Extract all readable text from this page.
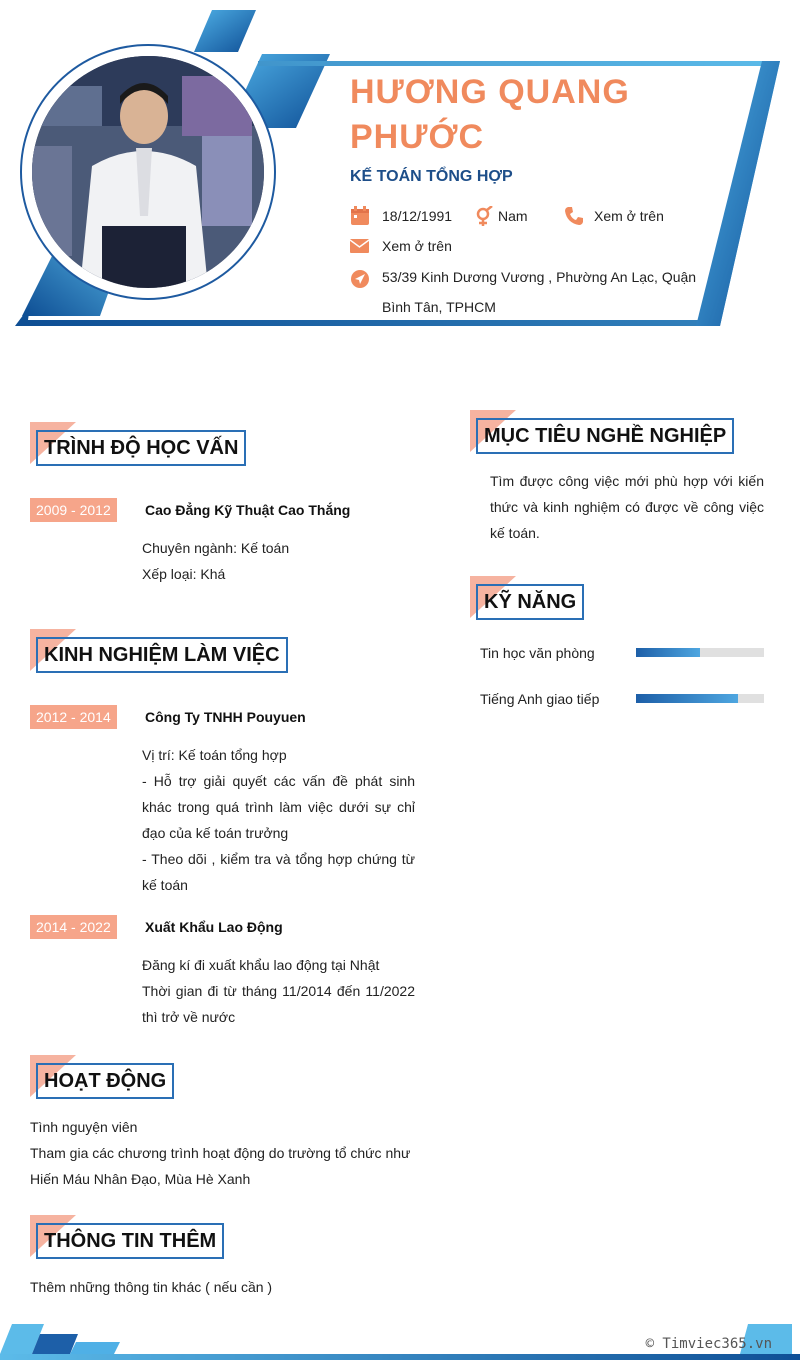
HƯƠNG QUANG PHƯỚC
KẾ TOÁN TỔNG HỢP
18/12/1991	Nam	Xem ở trên
Xem ở trên
53/39 Kinh Dương Vương , Phường An Lạc, Quận Bình Tân, TPHCM
TRÌNH ĐỘ HỌC VẤN
2009 - 2012	Cao Đẳng Kỹ Thuật Cao Thắng
Chuyên ngành: Kế toán
Xếp loại: Khá
KINH NGHIỆM LÀM VIỆC
2012 - 2014	Công Ty TNHH Pouyuen
Vị trí: Kế toán tổng hợp
- Hỗ trợ giải quyết các vấn đề phát sinh khác trong quá trình làm việc dưới sự chỉ đạo của kế toán trưởng
- Theo dõi , kiểm tra và tổng hợp chứng từ kế toán
2014 - 2022	Xuất Khẩu Lao Động
Đăng kí đi xuất khẩu lao động tại Nhật
Thời gian đi từ tháng 11/2014 đến 11/2022 thì trở về nước
HOẠT ĐỘNG
Tình nguyện viên
Tham gia các chương trình hoạt động do trường tổ chức như Hiến Máu Nhân Đạo, Mùa Hè Xanh
THÔNG TIN THÊM
Thêm những thông tin khác ( nếu cần )
MỤC TIÊU NGHỀ NGHIỆP
Tìm được công việc mới phù hợp với kiến thức và kinh nghiệm có được về công việc kế toán.
KỸ NĂNG
Tin học văn phòng
Tiếng Anh giao tiếp
© Timviec365.vn
